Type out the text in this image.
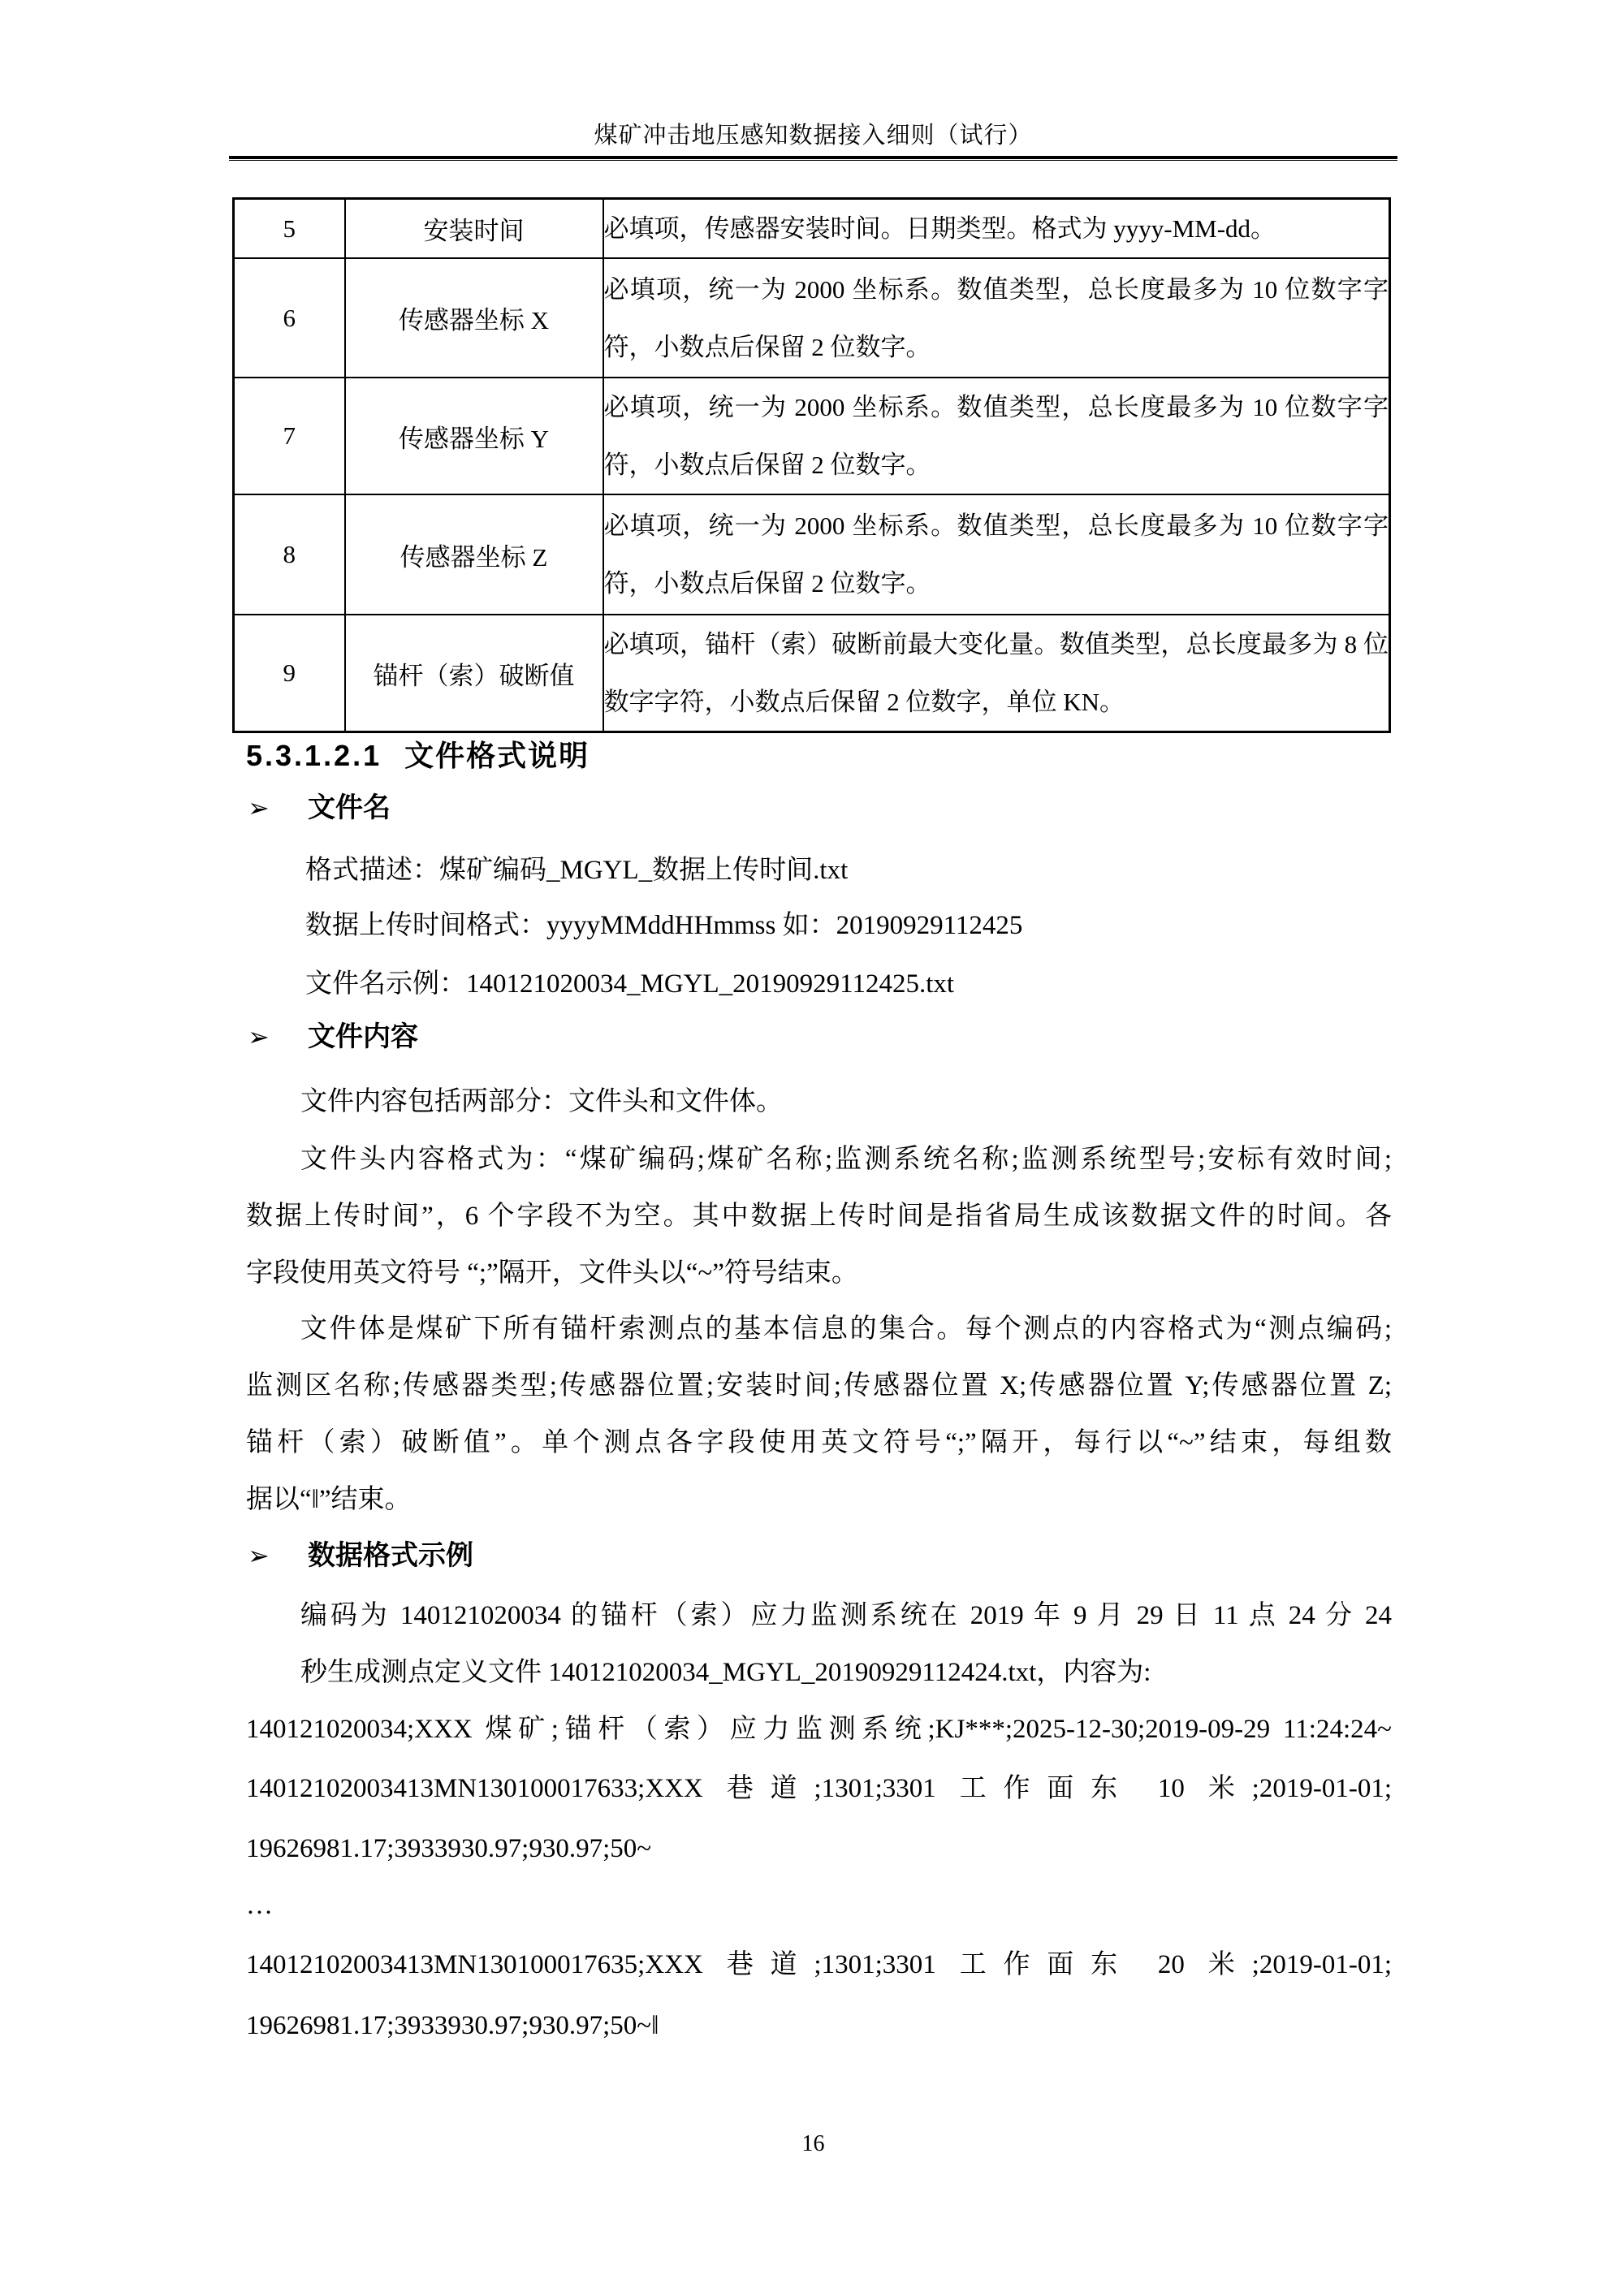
煤矿冲击地压感知数据接入细则（试行）
5	安装时间	必填项，传感器安装时间。日期类型。格式为 yyyy-MM-dd。
6	传感器坐标 X	必填项，统一为 2000 坐标系。数值类型，总长度最多为 10 位数字字符，小数点后保留 2 位数字。
7	传感器坐标 Y	必填项，统一为 2000 坐标系。数值类型，总长度最多为 10 位数字字符，小数点后保留 2 位数字。
8	传感器坐标 Z	必填项，统一为 2000 坐标系。数值类型，总长度最多为 10 位数字字符，小数点后保留 2 位数字。
9	锚杆（索）破断值	必填项，锚杆（索）破断前最大变化量。数值类型，总长度最多为 8 位数字字符，小数点后保留 2 位数字，单位 KN。
5.3.1.2.1 文件格式说明
➢ 文件名
格式描述：煤矿编码_MGYL_数据上传时间.txt
数据上传时间格式：yyyyMMddHHmmss 如：20190929112425
文件名示例：140121020034_MGYL_20190929112425.txt
➢ 文件内容
文件内容包括两部分：文件头和文件体。
文件头内容格式为：“煤矿编码;煤矿名称;监测系统名称;监测系统型号;安标有效时间;
数据上传时间”，6 个字段不为空。其中数据上传时间是指省局生成该数据文件的时间。各
字段使用英文符号 “;”隔开，文件头以“~”符号结束。
文件体是煤矿下所有锚杆索测点的基本信息的集合。每个测点的内容格式为“测点编码;
监测区名称;传感器类型;传感器位置;安装时间;传感器位置 X;传感器位置 Y;传感器位置 Z;
锚杆（索）破断值”。单个测点各字段使用英文符号“;”隔开，每行以“~”结束，每组数
据以“‖”结束。
➢ 数据格式示例
编码为 140121020034 的锚杆（索）应力监测系统在 2019 年 9 月 29 日 11 点 24 分 24
秒生成测点定义文件 140121020034_MGYL_20190929112424.txt，内容为:
140121020034;XXX 煤矿;锚杆（索）应力监测系统;KJ***;2025-12-30;2019-09-29 11:24:24~
14012102003413MN130100017633;XXX 巷道;1301;3301 工作面东 10 米;2019-01-01;
19626981.17;3933930.97;930.97;50~
…
14012102003413MN130100017635;XXX 巷道;1301;3301 工作面东 20 米;2019-01-01;
19626981.17;3933930.97;930.97;50~‖
16
